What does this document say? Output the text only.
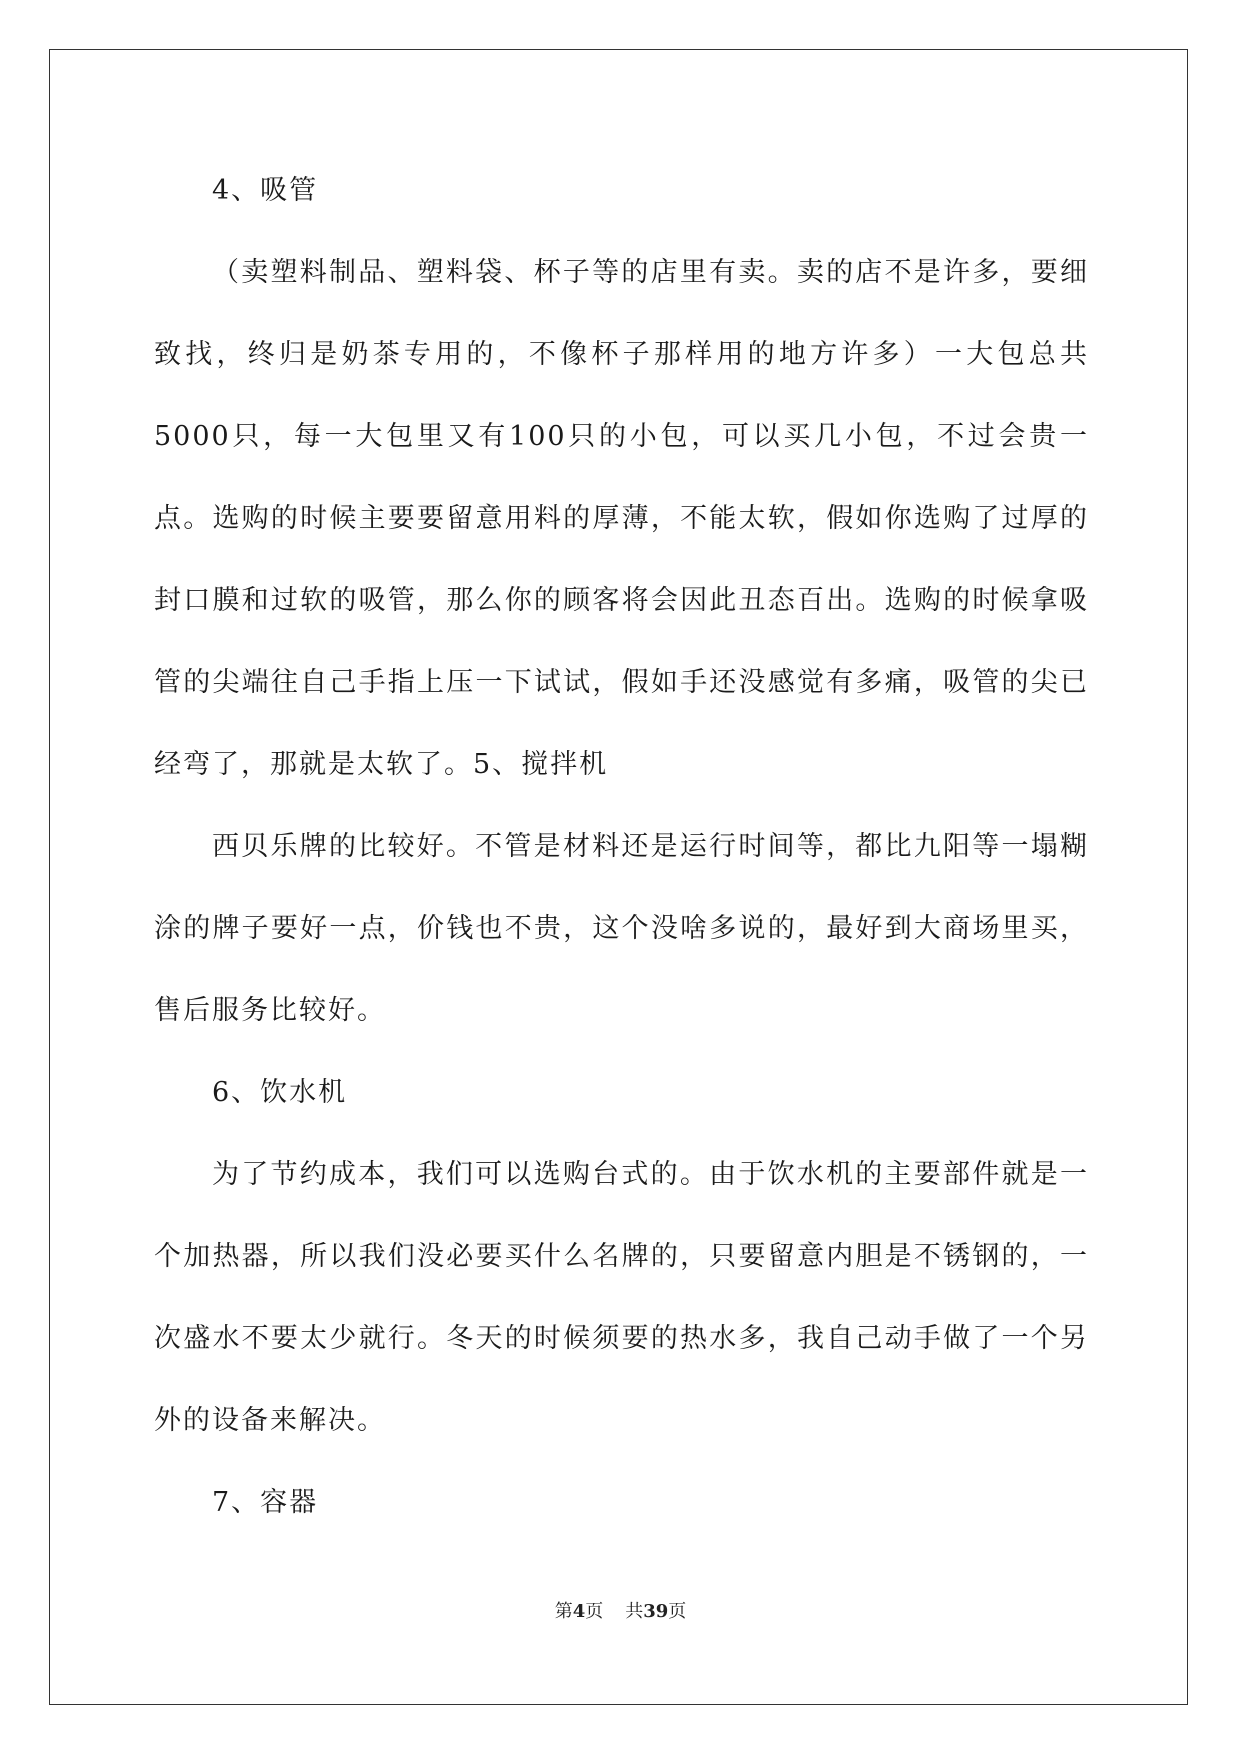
4、吸管

（卖塑料制品、塑料袋、杯子等的店里有卖。卖的店不是许多，要细致找，终归是奶茶专用的，不像杯子那样用的地方许多）一大包总共5000只，每一大包里又有100只的小包，可以买几小包，不过会贵一点。选购的时候主要要留意用料的厚薄，不能太软，假如你选购了过厚的封口膜和过软的吸管，那么你的顾客将会因此丑态百出。选购的时候拿吸管的尖端往自己手指上压一下试试，假如手还没感觉有多痛，吸管的尖已经弯了，那就是太软了。5、搅拌机

西贝乐牌的比较好。不管是材料还是运行时间等，都比九阳等一塌糊涂的牌子要好一点，价钱也不贵，这个没啥多说的，最好到大商场里买，售后服务比较好。

6、饮水机

为了节约成本，我们可以选购台式的。由于饮水机的主要部件就是一个加热器，所以我们没必要买什么名牌的，只要留意内胆是不锈钢的，一次盛水不要太少就行。冬天的时候须要的热水多，我自己动手做了一个另外的设备来解决。

7、容器

第4页 共39页
